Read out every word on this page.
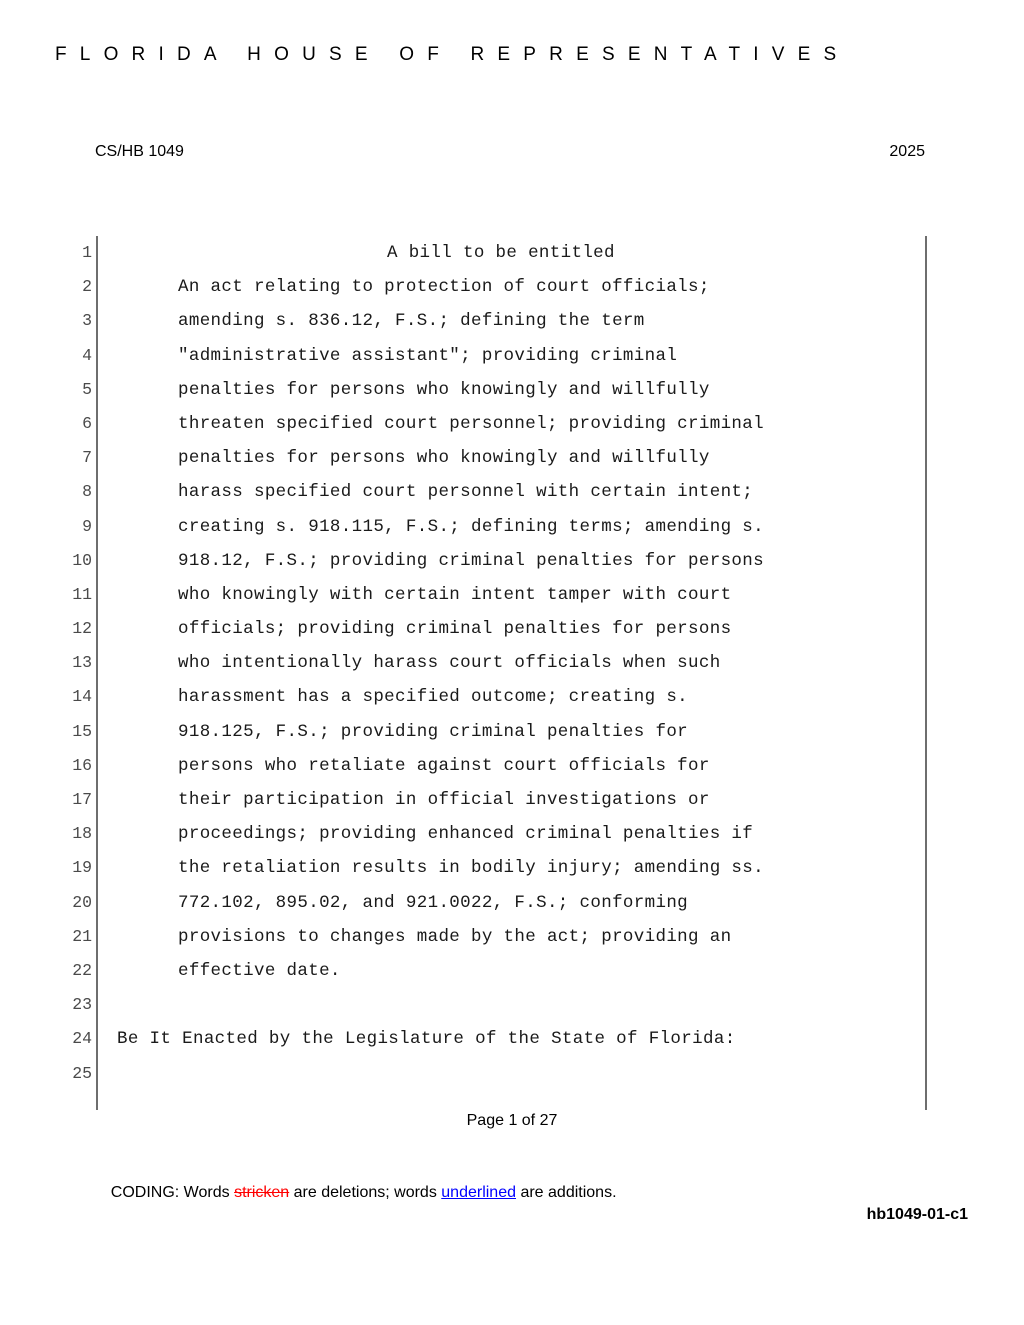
FLORIDA HOUSE OF REPRESENTATIVES
CS/HB 1049	2025
1	A bill to be entitled
2	An act relating to protection of court officials;
3	amending s. 836.12, F.S.; defining the term
4	"administrative assistant"; providing criminal
5	penalties for persons who knowingly and willfully
6	threaten specified court personnel; providing criminal
7	penalties for persons who knowingly and willfully
8	harass specified court personnel with certain intent;
9	creating s. 918.115, F.S.; defining terms; amending s.
10	918.12, F.S.; providing criminal penalties for persons
11	who knowingly with certain intent tamper with court
12	officials; providing criminal penalties for persons
13	who intentionally harass court officials when such
14	harassment has a specified outcome; creating s.
15	918.125, F.S.; providing criminal penalties for
16	persons who retaliate against court officials for
17	their participation in official investigations or
18	proceedings; providing enhanced criminal penalties if
19	the retaliation results in bodily injury; amending ss.
20	772.102, 895.02, and 921.0022, F.S.; conforming
21	provisions to changes made by the act; providing an
22	effective date.
23
24 Be It Enacted by the Legislature of the State of Florida:
25
Page 1 of 27

CODING: Words stricken are deletions; words underlined are additions.

hb1049-01-c1
